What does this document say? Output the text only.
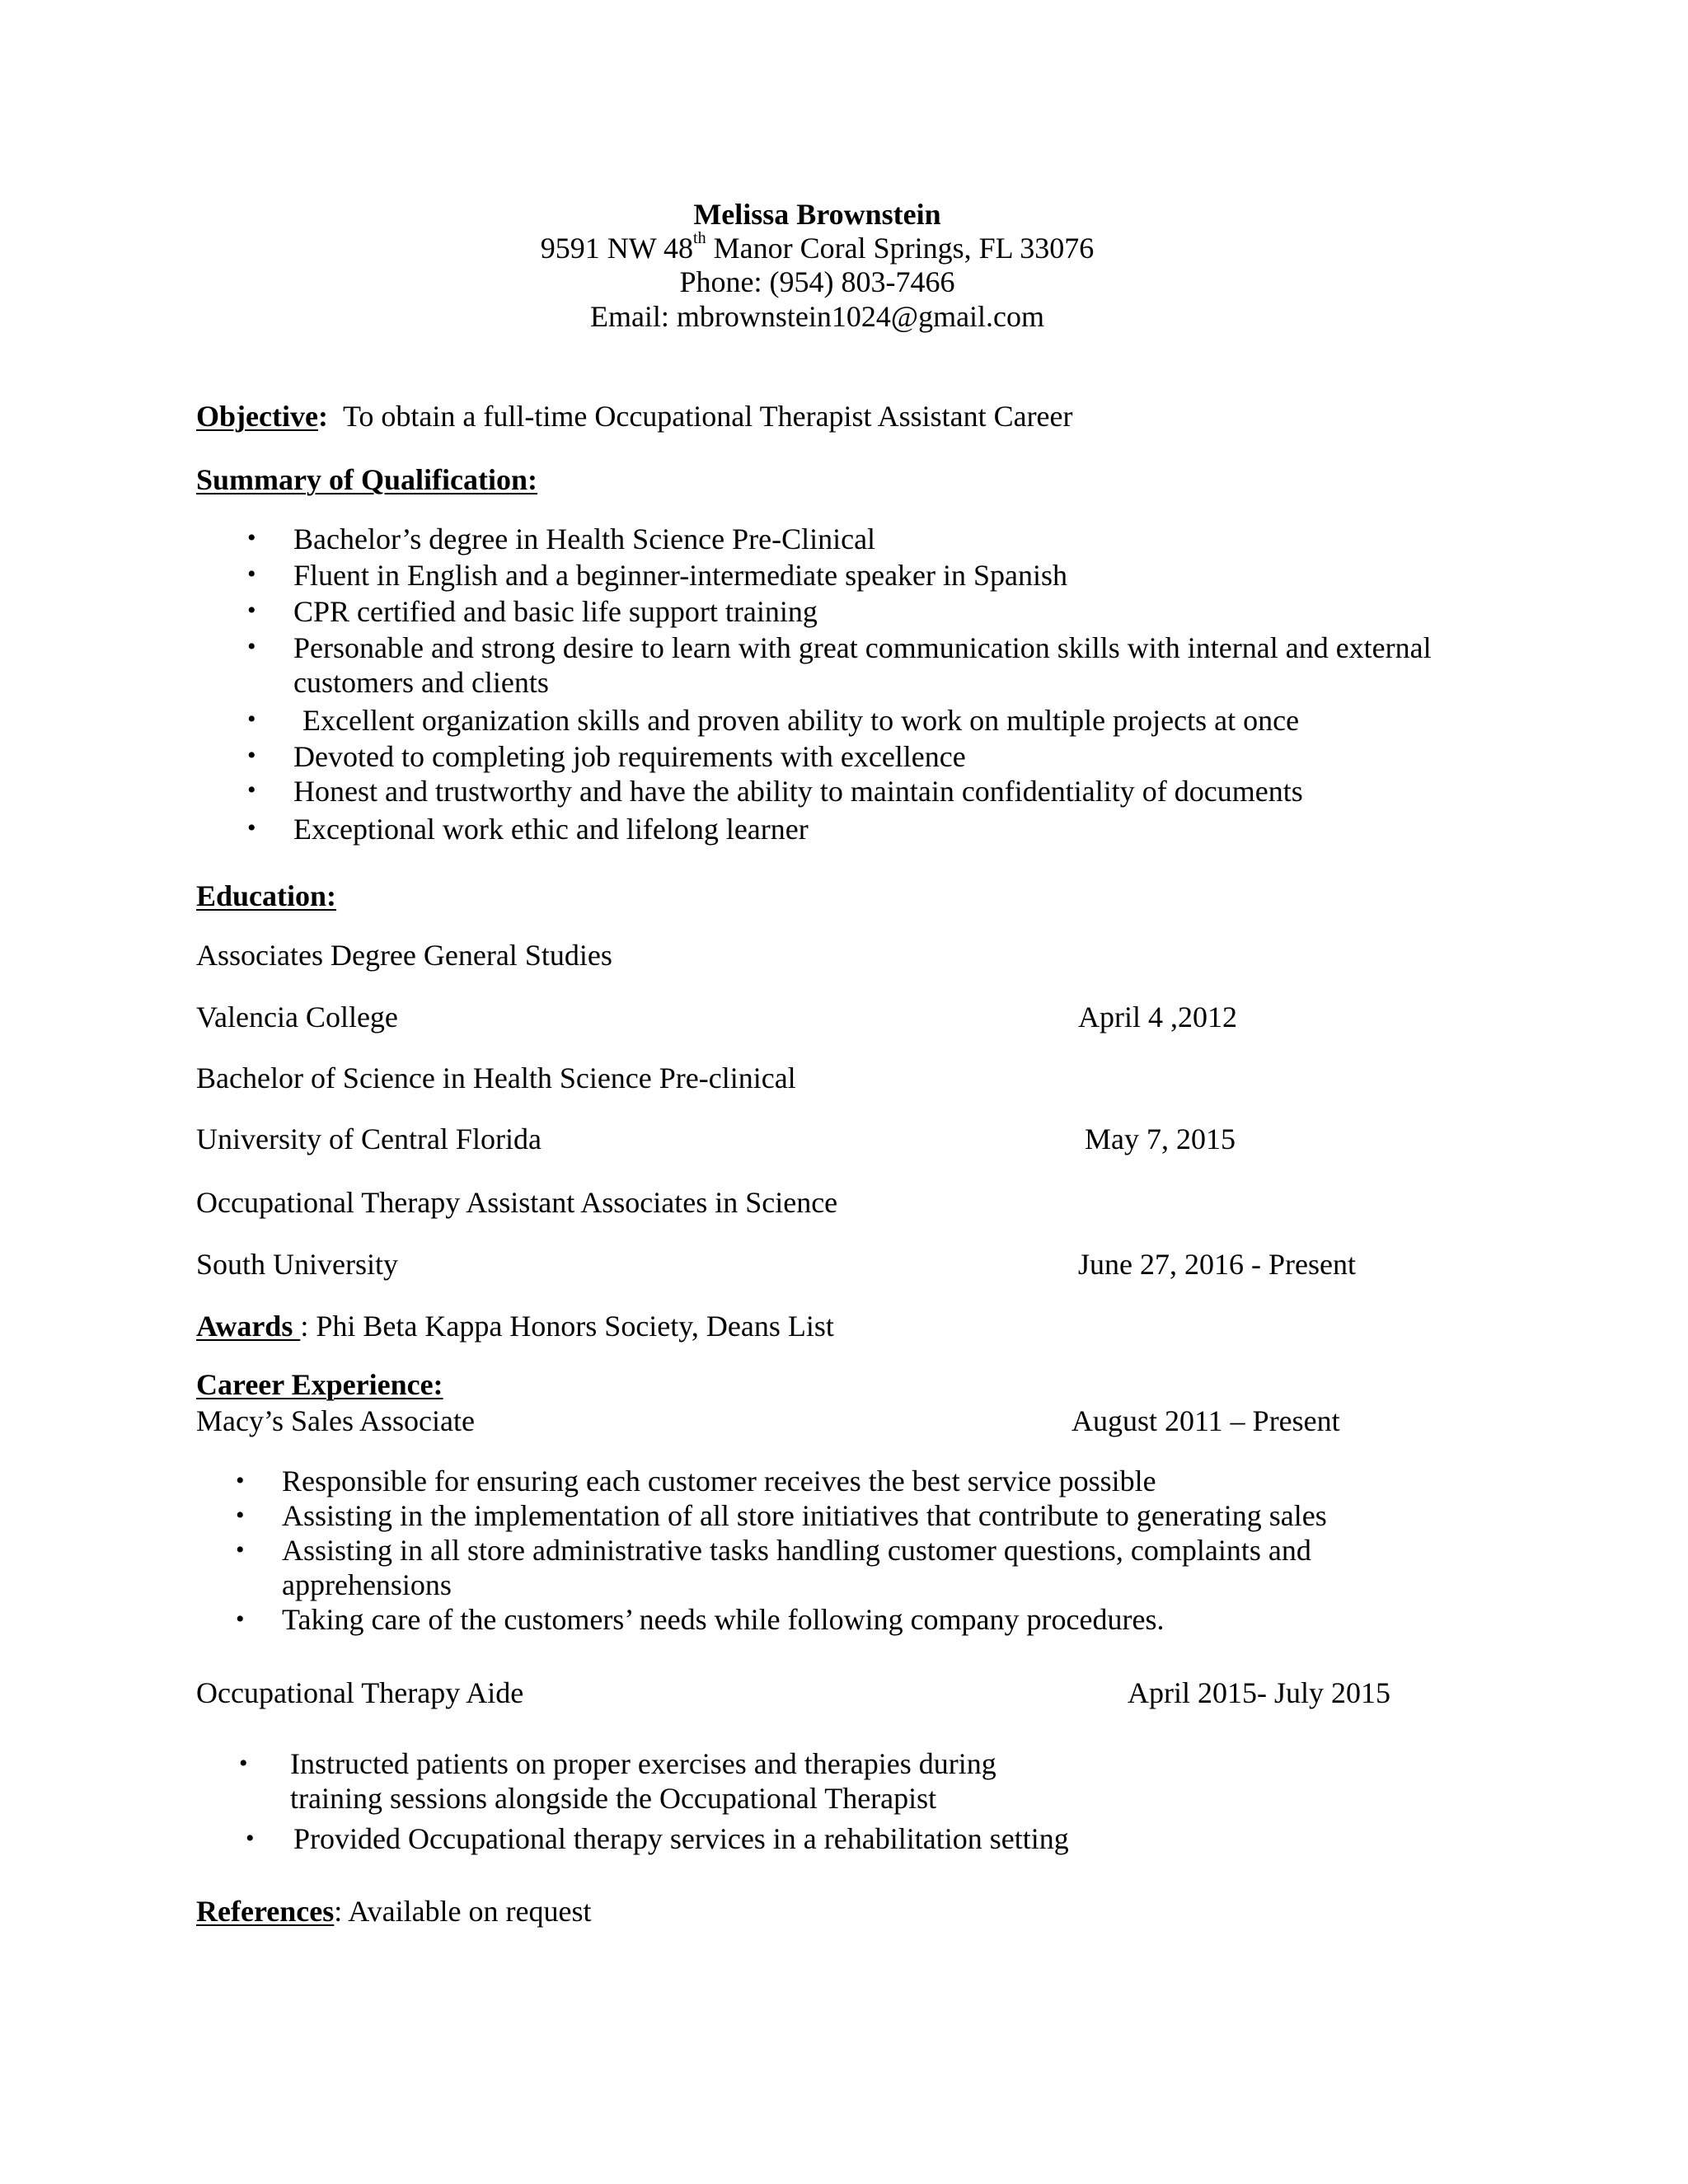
Melissa Brownstein
9591 NW 48th Manor Coral Springs, FL 33076
Phone: (954) 803-7466
Email: mbrownstein1024@gmail.com
Objective: To obtain a full-time Occupational Therapist Assistant Career
Summary of Qualification:
• Bachelor’s degree in Health Science Pre-Clinical
• Fluent in English and a beginner-intermediate speaker in Spanish
• CPR certified and basic life support training
• Personable and strong desire to learn with great communication skills with internal and external
customers and clients
• Excellent organization skills and proven ability to work on multiple projects at once
• Devoted to completing job requirements with excellence
• Honest and trustworthy and have the ability to maintain confidentiality of documents
• Exceptional work ethic and lifelong learner
Education:
Associates Degree General Studies
Valencia College	April 4 ,2012
Bachelor of Science in Health Science Pre-clinical
University of Central Florida	May 7, 2015
Occupational Therapy Assistant Associates in Science
South University	June 27, 2016 - Present
Awards : Phi Beta Kappa Honors Society, Deans List
Career Experience:
Macy’s Sales Associate	August 2011 – Present
• Responsible for ensuring each customer receives the best service possible
• Assisting in the implementation of all store initiatives that contribute to generating sales
• Assisting in all store administrative tasks handling customer questions, complaints and
apprehensions
• Taking care of the customers’ needs while following company procedures.
Occupational Therapy Aide	April 2015- July 2015
• Instructed patients on proper exercises and therapies during
training sessions alongside the Occupational Therapist
• Provided Occupational therapy services in a rehabilitation setting
References: Available on request
